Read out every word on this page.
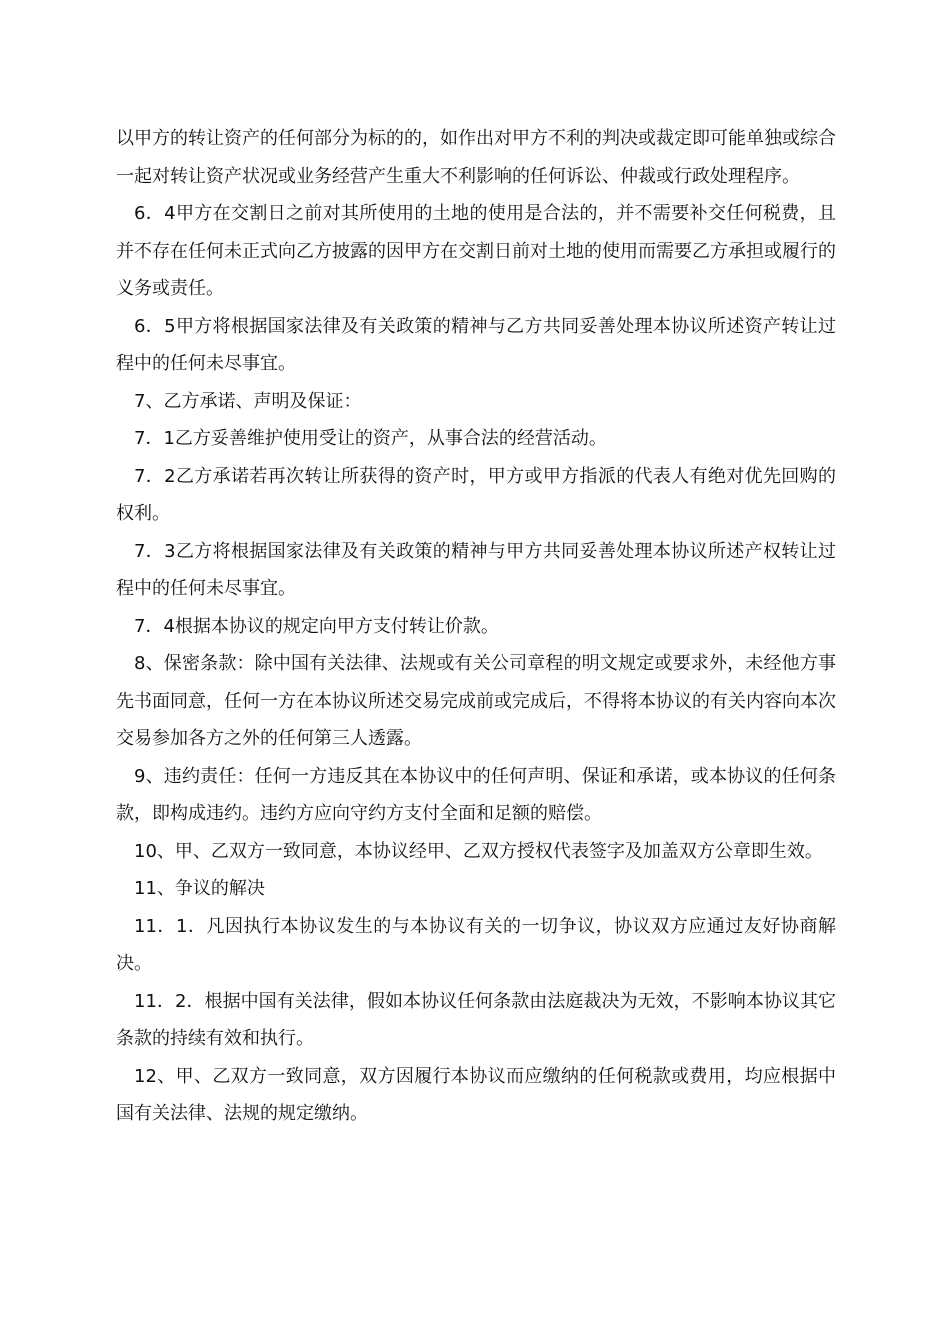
以甲方的转让资产的任何部分为标的的，如作出对甲方不利的判决或裁定即可能单独或综合一起对转让资产状况或业务经营产生重大不利影响的任何诉讼、仲裁或行政处理程序。

6．4甲方在交割日之前对其所使用的土地的使用是合法的，并不需要补交任何税费，且并不存在任何未正式向乙方披露的因甲方在交割日前对土地的使用而需要乙方承担或履行的义务或责任。

6．5甲方将根据国家法律及有关政策的精神与乙方共同妥善处理本协议所述资产转让过程中的任何未尽事宜。

7、乙方承诺、声明及保证：

7．1乙方妥善维护使用受让的资产，从事合法的经营活动。

7．2乙方承诺若再次转让所获得的资产时，甲方或甲方指派的代表人有绝对优先回购的权利。

7．3乙方将根据国家法律及有关政策的精神与甲方共同妥善处理本协议所述产权转让过程中的任何未尽事宜。

7．4根据本协议的规定向甲方支付转让价款。

8、保密条款：除中国有关法律、法规或有关公司章程的明文规定或要求外，未经他方事先书面同意，任何一方在本协议所述交易完成前或完成后，不得将本协议的有关内容向本次交易参加各方之外的任何第三人透露。

9、违约责任：任何一方违反其在本协议中的任何声明、保证和承诺，或本协议的任何条款，即构成违约。违约方应向守约方支付全面和足额的赔偿。

10、甲、乙双方一致同意，本协议经甲、乙双方授权代表签字及加盖双方公章即生效。

11、争议的解决

11．1．凡因执行本协议发生的与本协议有关的一切争议，协议双方应通过友好协商解决。

11．2．根据中国有关法律，假如本协议任何条款由法庭裁决为无效，不影响本协议其它条款的持续有效和执行。

12、甲、乙双方一致同意，双方因履行本协议而应缴纳的任何税款或费用，均应根据中国有关法律、法规的规定缴纳。
